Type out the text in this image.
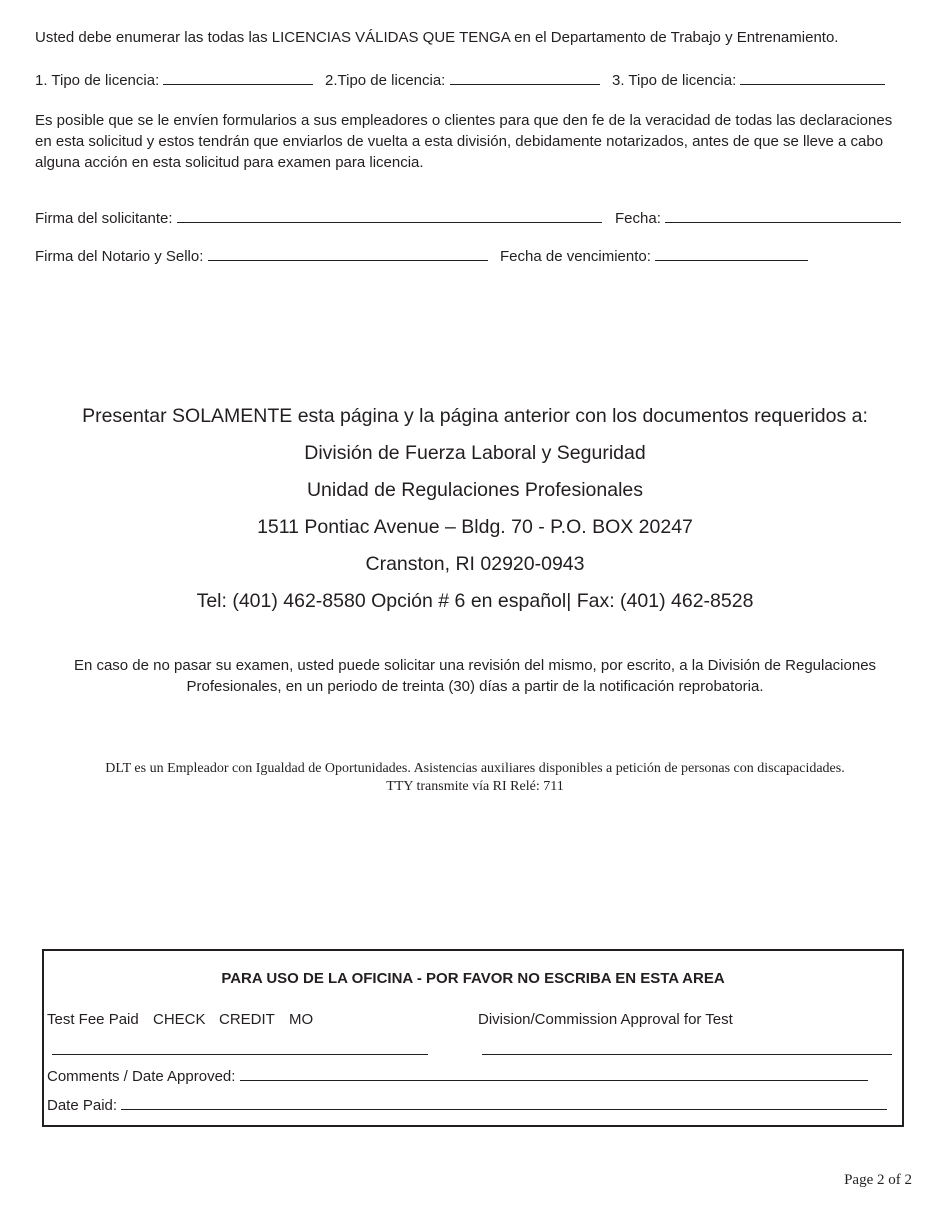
Usted debe enumerar las todas las LICENCIAS VÁLIDAS QUE TENGA en el Departamento de Trabajo y Entrenamiento.
1. Tipo de licencia:	2.Tipo de licencia:	3. Tipo de licencia:
Es posible que se le envíen formularios a sus empleadores o clientes para que den fe de la veracidad de todas las declaraciones en esta solicitud y estos tendrán que enviarlos de vuelta a esta división, debidamente notarizados, antes de que se lleve a cabo alguna acción en esta solicitud para examen para licencia.
Firma del solicitante:	Fecha:
Firma del Notario y Sello:	Fecha de vencimiento:
Presentar SOLAMENTE esta página y la página anterior con los documentos requeridos a:
División de Fuerza Laboral y Seguridad
Unidad de Regulaciones Profesionales
1511 Pontiac Avenue – Bldg. 70 - P.O. BOX 20247
Cranston, RI 02920-0943
Tel: (401) 462-8580 Opción # 6 en español| Fax: (401) 462-8528
En caso de no pasar su examen, usted puede solicitar una revisión del mismo, por escrito, a la División de Regulaciones
Profesionales, en un periodo de treinta (30) días a partir de la notificación reprobatoria.
DLT es un Empleador con Igualdad de Oportunidades. Asistencias auxiliares disponibles a petición de personas con discapacidades.
TTY transmite vía RI Relé: 711
PARA USO DE LA OFICINA - POR FAVOR NO ESCRIBA EN ESTA AREA
Test Fee Paid CHECK CREDIT MO	Division/Commission Approval for Test
Comments / Date Approved:
Date Paid:
Page 2 of 2
